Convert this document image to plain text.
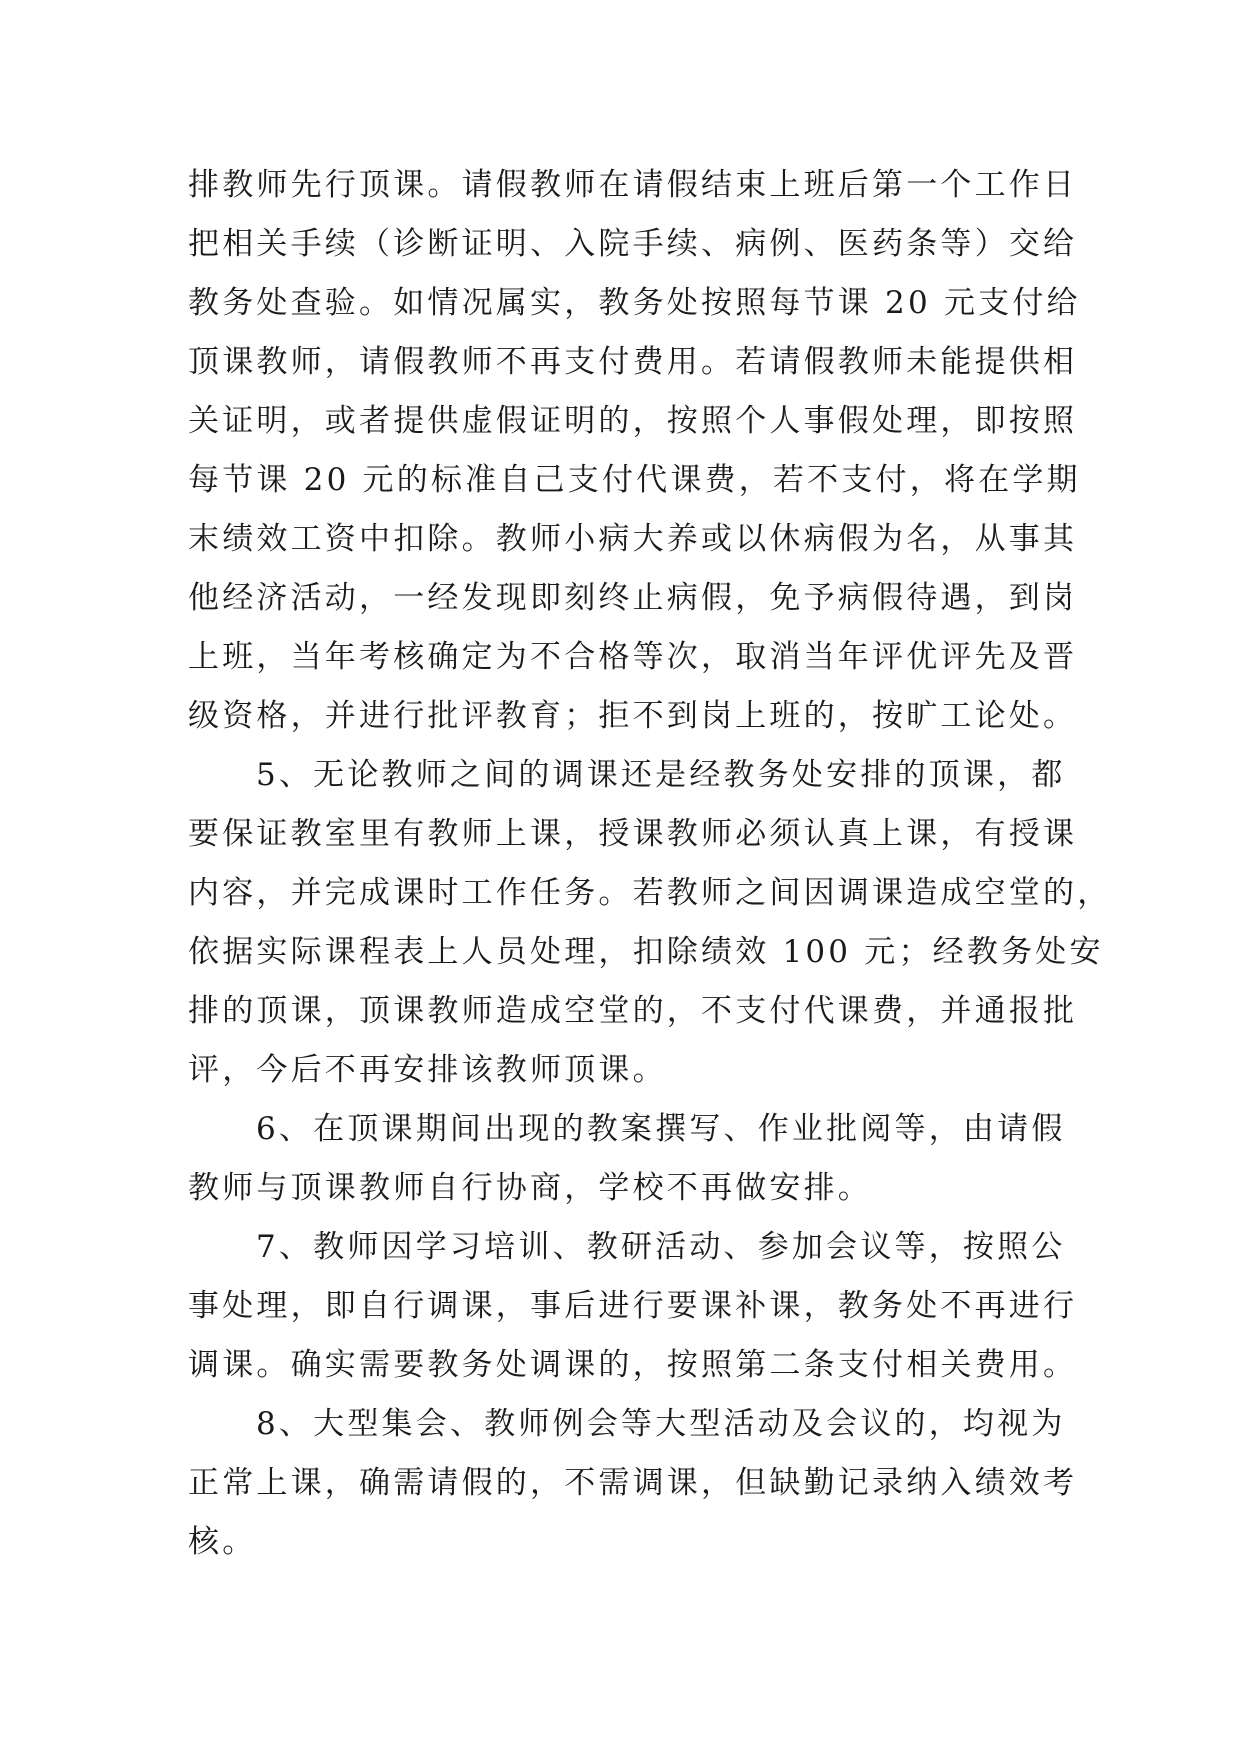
排教师先行顶课。请假教师在请假结束上班后第一个工作日
把相关手续（诊断证明、入院手续、病例、医药条等）交给
教务处查验。如情况属实，教务处按照每节课 20 元支付给
顶课教师，请假教师不再支付费用。若请假教师未能提供相
关证明，或者提供虚假证明的，按照个人事假处理，即按照
每节课 20 元的标准自己支付代课费，若不支付，将在学期
末绩效工资中扣除。教师小病大养或以休病假为名，从事其
他经济活动，一经发现即刻终止病假，免予病假待遇，到岗
上班，当年考核确定为不合格等次，取消当年评优评先及晋
级资格，并进行批评教育；拒不到岗上班的，按旷工论处。
5、无论教师之间的调课还是经教务处安排的顶课，都
要保证教室里有教师上课，授课教师必须认真上课，有授课
内容，并完成课时工作任务。若教师之间因调课造成空堂的，
依据实际课程表上人员处理，扣除绩效 100 元；经教务处安
排的顶课，顶课教师造成空堂的，不支付代课费，并通报批
评，今后不再安排该教师顶课。
6、在顶课期间出现的教案撰写、作业批阅等，由请假
教师与顶课教师自行协商，学校不再做安排。
7、教师因学习培训、教研活动、参加会议等，按照公
事处理，即自行调课，事后进行要课补课，教务处不再进行
调课。确实需要教务处调课的，按照第二条支付相关费用。
8、大型集会、教师例会等大型活动及会议的，均视为
正常上课，确需请假的，不需调课，但缺勤记录纳入绩效考
核。
